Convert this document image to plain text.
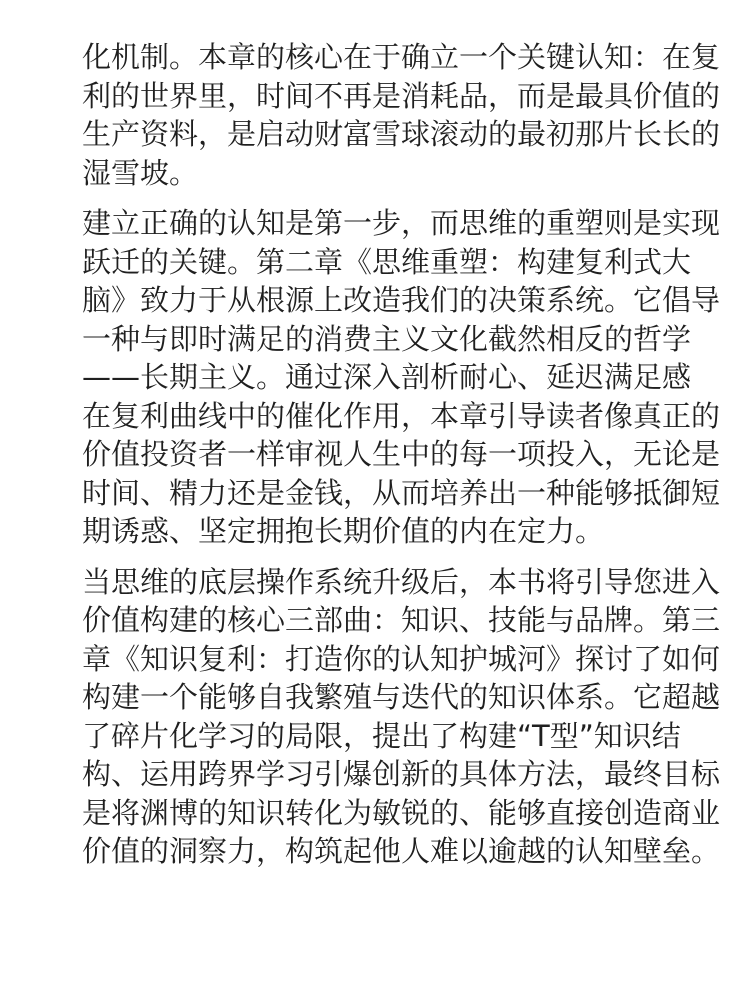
化机制。本章的核心在于确立一个关键认知：在复
利的世界里，时间不再是消耗品，而是最具价值的
生产资料，是启动财富雪球滚动的最初那片长长的
湿雪坡。

建立正确的认知是第一步，而思维的重塑则是实现
跃迁的关键。第二章《思维重塑：构建复利式大
脑》致力于从根源上改造我们的决策系统。它倡导
一种与即时满足的消费主义文化截然相反的哲学
——长期主义。通过深入剖析耐心、延迟满足感
在复利曲线中的催化作用，本章引导读者像真正的
价值投资者一样审视人生中的每一项投入，无论是
时间、精力还是金钱，从而培养出一种能够抵御短
期诱惑、坚定拥抱长期价值的内在定力。

当思维的底层操作系统升级后，本书将引导您进入
价值构建的核心三部曲：知识、技能与品牌。第三
章《知识复利：打造你的认知护城河》探讨了如何
构建一个能够自我繁殖与迭代的知识体系。它超越
了碎片化学习的局限，提出了构建“T型”知识结
构、运用跨界学习引爆创新的具体方法，最终目标
是将渊博的知识转化为敏锐的、能够直接创造商业
价值的洞察力，构筑起他人难以逾越的认知壁垒。
